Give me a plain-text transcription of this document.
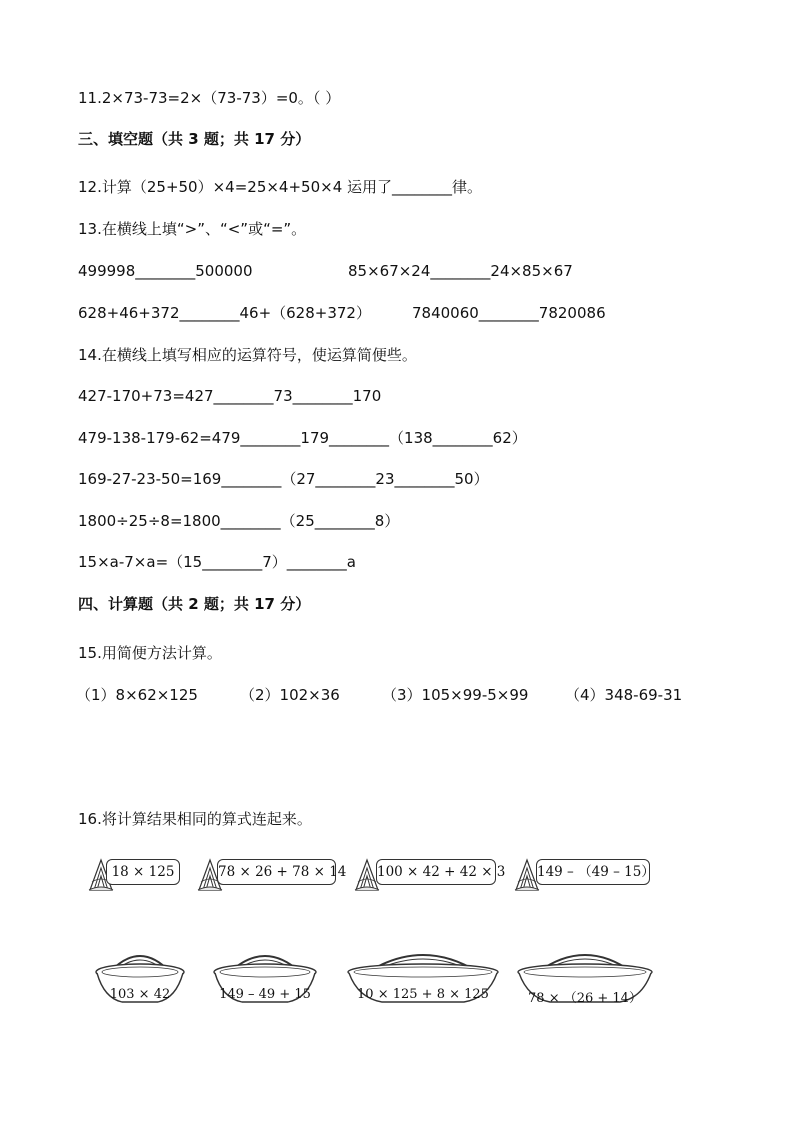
11.2×73-73=2×（73-73）=0。（ ）
三、填空题（共 3 题；共 17 分）
12.计算（25+50）×4=25×4+50×4 运用了________律。
13.在横线上填“>”、“<”或“=”。
499998________500000	85×67×24________24×85×67
628+46+372________46+（628+372）	7840060________7820086
14.在横线上填写相应的运算符号，使运算简便些。
427-170+73=427________73________170
479-138-179-62=479________179________（138________62）
169-27-23-50=169________（27________23________50）
1800÷25÷8=1800________（25________8）
15×a-7×a=（15________7）________a
四、计算题（共 2 题；共 17 分）
15.用简便方法计算。
（1）8×62×125	（2）102×36	（3）105×99-5×99 （4）348-69-31
16.将计算结果相同的算式连起来。
18 × 125	78 × 26 + 78 × 14 100 × 42 + 42 × 3 149 – （49 – 15）
103 × 42	149 – 49 + 15	10 × 125 + 8 × 125	78 × （26 + 14）
